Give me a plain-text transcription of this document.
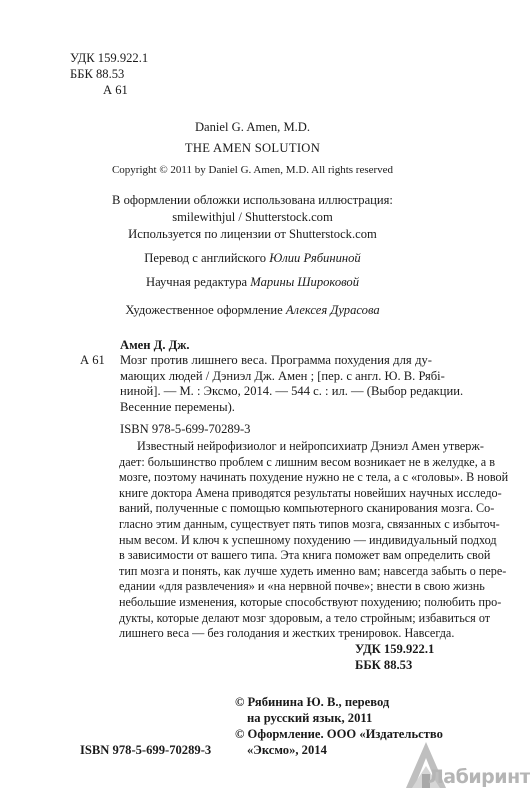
УДК 159.922.1
ББК 88.53
А 61
Daniel G. Amen, M.D.
THE AMEN SOLUTION
Copyright © 2011 by Daniel G. Amen, M.D. All rights reserved
В оформлении обложки использована иллюстрация:
smilewithjul / Shutterstock.com
Используется по лицензии от Shutterstock.com
Перевод с английского Юлии Рябининой
Научная редактура Марины Широковой
Художественное оформление Алексея Дурасова
Амен Д. Дж.
А 61 Мозг против лишнего веса. Программа похудения для ду-

мающих людей / Дэниэл Дж. Амен ; [пер. с англ. Ю. В. Рябi-

ниной]. — М. : Эксмо, 2014. — 544 с. : ил. — (Выбор редакции.

Весенние перемены).

ISBN 978-5-699-70289-3

Известный нейрофизиолог и нейропсихиатр Дэниэл Амен утверж-

дает: большинство проблем с лишним весом возникает не в желудке, а в

мозге, поэтому начинать похудение нужно не с тела, а с «головы». В новой

книге доктора Амена приводятся результаты новейших научных исследо-

ваний, полученные с помощью компьютерного сканирования мозга. Со-

гласно этим данным, существует пять типов мозга, связанных с избыточ-

ным весом. И ключ к успешному похудению — индивидуальный подход

в зависимости от вашего типа. Эта книга поможет вам определить свой

тип мозга и понять, как лучше худеть именно вам; навсегда забыть о пере-

едании «для развлечения» и «на нервной почве»; внести в свою жизнь

небольшие изменения, которые способствуют похудению; полюбить про-

дукты, которые делают мозг здоровым, а тело стройным; избавиться от

лишнего веса — без голодания и жестких тренировок. Навсегда.

УДК 159.922.1
ББК 88.53
© Рябинина Ю. В., перевод
на русский язык, 2011
© Оформление. ООО «Издательство
«Эксмо», 2014
ISBN 978-5-699-70289-3
Лабиринт
